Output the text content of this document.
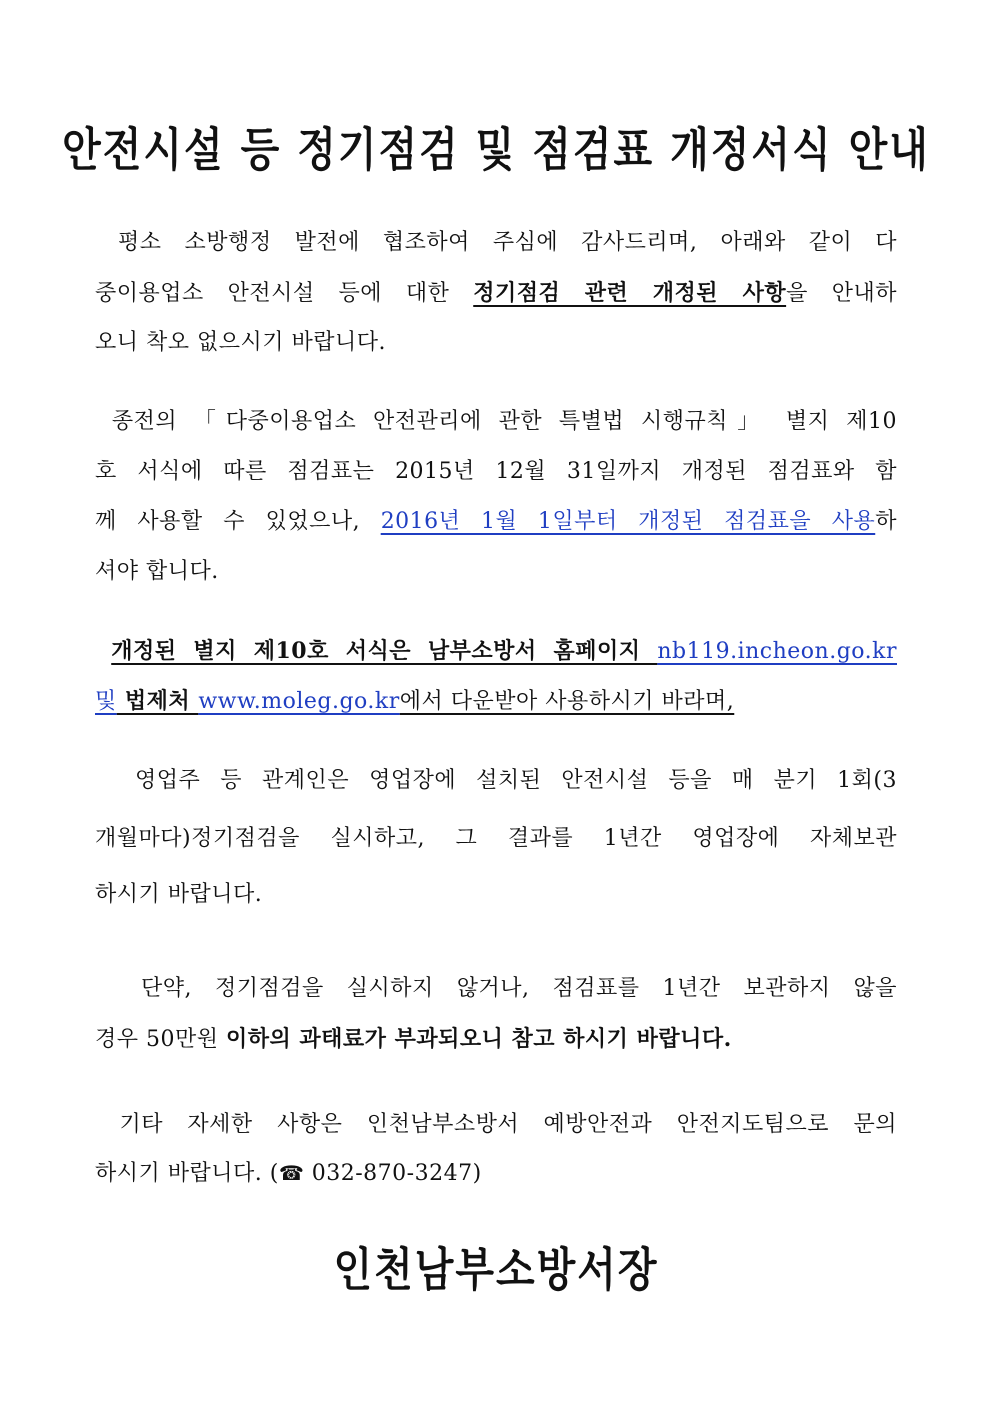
안전시설 등 정기점검 및 점검표 개정서식 안내
평소 소방행정 발전에 협조하여 주심에 감사드리며, 아래와 같이 다
중이용업소 안전시설 등에 대한 정기점검 관련 개정된 사항을 안내하
오니 착오 없으시기 바랍니다.
종전의 「다중이용업소 안전관리에 관한 특별법 시행규칙」 별지 제10
호 서식에 따른 점검표는 2015년 12월 31일까지 개정된 점검표와 함
께 사용할 수 있었으나, 2016년 1월 1일부터 개정된 점검표을 사용하
셔야 합니다.
개정된 별지 제10호 서식은 남부소방서 홈페이지 nb119.incheon.go.kr
및 법제처 www.moleg.go.kr에서 다운받아 사용하시기 바라며,
영업주 등 관계인은 영업장에 설치된 안전시설 등을 매 분기 1회(3
개월마다)정기점검을 실시하고, 그 결과를 1년간 영업장에 자체보관
하시기 바랍니다.
단약, 정기점검을 실시하지 않거나, 점검표를 1년간 보관하지 않을
경우 50만원 이하의 과태료가 부과되오니 참고 하시기 바랍니다.
기타 자세한 사항은 인천남부소방서 예방안전과 안전지도팀으로 문의
하시기 바랍니다. (☎ 032-870-3247)
인천남부소방서장
